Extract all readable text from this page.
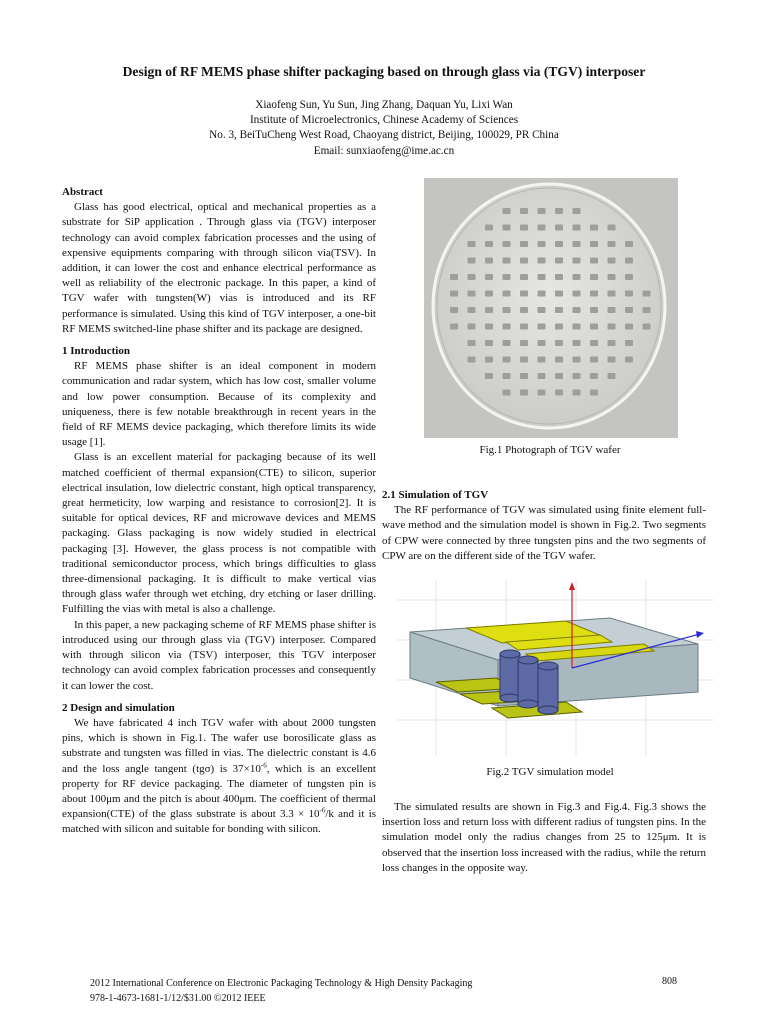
Design of RF MEMS phase shifter packaging based on through glass via (TGV) interposer
Xiaofeng Sun, Yu Sun, Jing Zhang, Daquan Yu, Lixi Wan
Institute of Microelectronics, Chinese Academy of Sciences
No. 3, BeiTuCheng West Road, Chaoyang district, Beijing, 100029, PR China
Email: sunxiaofeng@ime.ac.cn

Abstract

Glass has good electrical, optical and mechanical properties as a substrate for SiP application . Through glass via (TGV) interposer technology can avoid complex fabrication processes and the using of expensive equipments comparing with through silicon via(TSV). In addition, it can lower the cost and enhance electrical performance as well as reliability of the electronic package. In this paper, a kind of TGV wafer with tungsten(W) vias is introduced and its RF performance is simulated. Using this kind of TGV interposer, a one-bit RF MEMS switched-line phase shifter and its package are designed.

1 Introduction

RF MEMS phase shifter is an ideal component in modern communication and radar system, which has low cost, smaller volume and low power consumption. Because of its complexity and uniqueness, there is few notable breakthrough in recent years in the field of RF MEMS device packaging, which therefore limits its wide usage [1].

Glass is an excellent material for packaging because of its well matched coefficient of thermal expansion(CTE) to silicon, superior electrical insulation, low dielectric constant, high optical transparency, great hermeticity, low warping and resistance to corrosion[2]. It is suitable for optical devices, RF and microwave devices and MEMS packaging. Glass packaging is now widely studied in electrical packaging [3]. However, the glass process is not compatible with traditional semiconductor process, which brings difficulties to glass three-dimensional packaging. It is difficult to make vertical vias through glass wafer through wet etching, dry etching or laser drilling. Fulfilling the vias with metal is also a challenge.

In this paper, a new packaging scheme of RF MEMS phase shifter is introduced using our through glass via (TGV) interposer. Compared with through silicon via (TSV) interposer, this TGV interposer technology can avoid complex fabrication processes and consequently it can lower the cost.

2 Design and simulation

We have fabricated 4 inch TGV wafer with about 2000 tungsten pins, which is shown in Fig.1. The wafer use borosilicate glass as substrate and tungsten was filled in vias. The dielectric constant is 4.6 and the loss angle tangent (tgσ) is $37\times 10^{-6}$, which is an excellent property for RF device packaging. The diameter of tungsten pin is about 100μm and the pitch is about 400μm. The coefficient of thermal expansion(CTE) of the glass substrate is about $3.3 \times 10^{-6}/k$ and it is matched with silicon and suitable for bonding with silicon.

Fig.1 Photograph of TGV wafer

2.1 Simulation of TGV

The RF performance of TGV was simulated using finite element full-wave method and the simulation model is shown in Fig.2. Two segments of CPW were connected by three tungsten pins and the two segments of CPW are on the different side of the TGV wafer.

Fig.2 TGV simulation model

The simulated results are shown in Fig.3 and Fig.4. Fig.3 shows the insertion loss and return loss with different radius of tungsten pins. In the simulation model only the radius changes from 25 to 125μm. It is observed that the insertion loss increased with the radius, while the return loss changes in the opposite way.

2012 International Conference on Electronic Packaging Technology & High Density Packaging
978-1-4673-1681-1/12/$31.00 ©2012 IEEE
808
